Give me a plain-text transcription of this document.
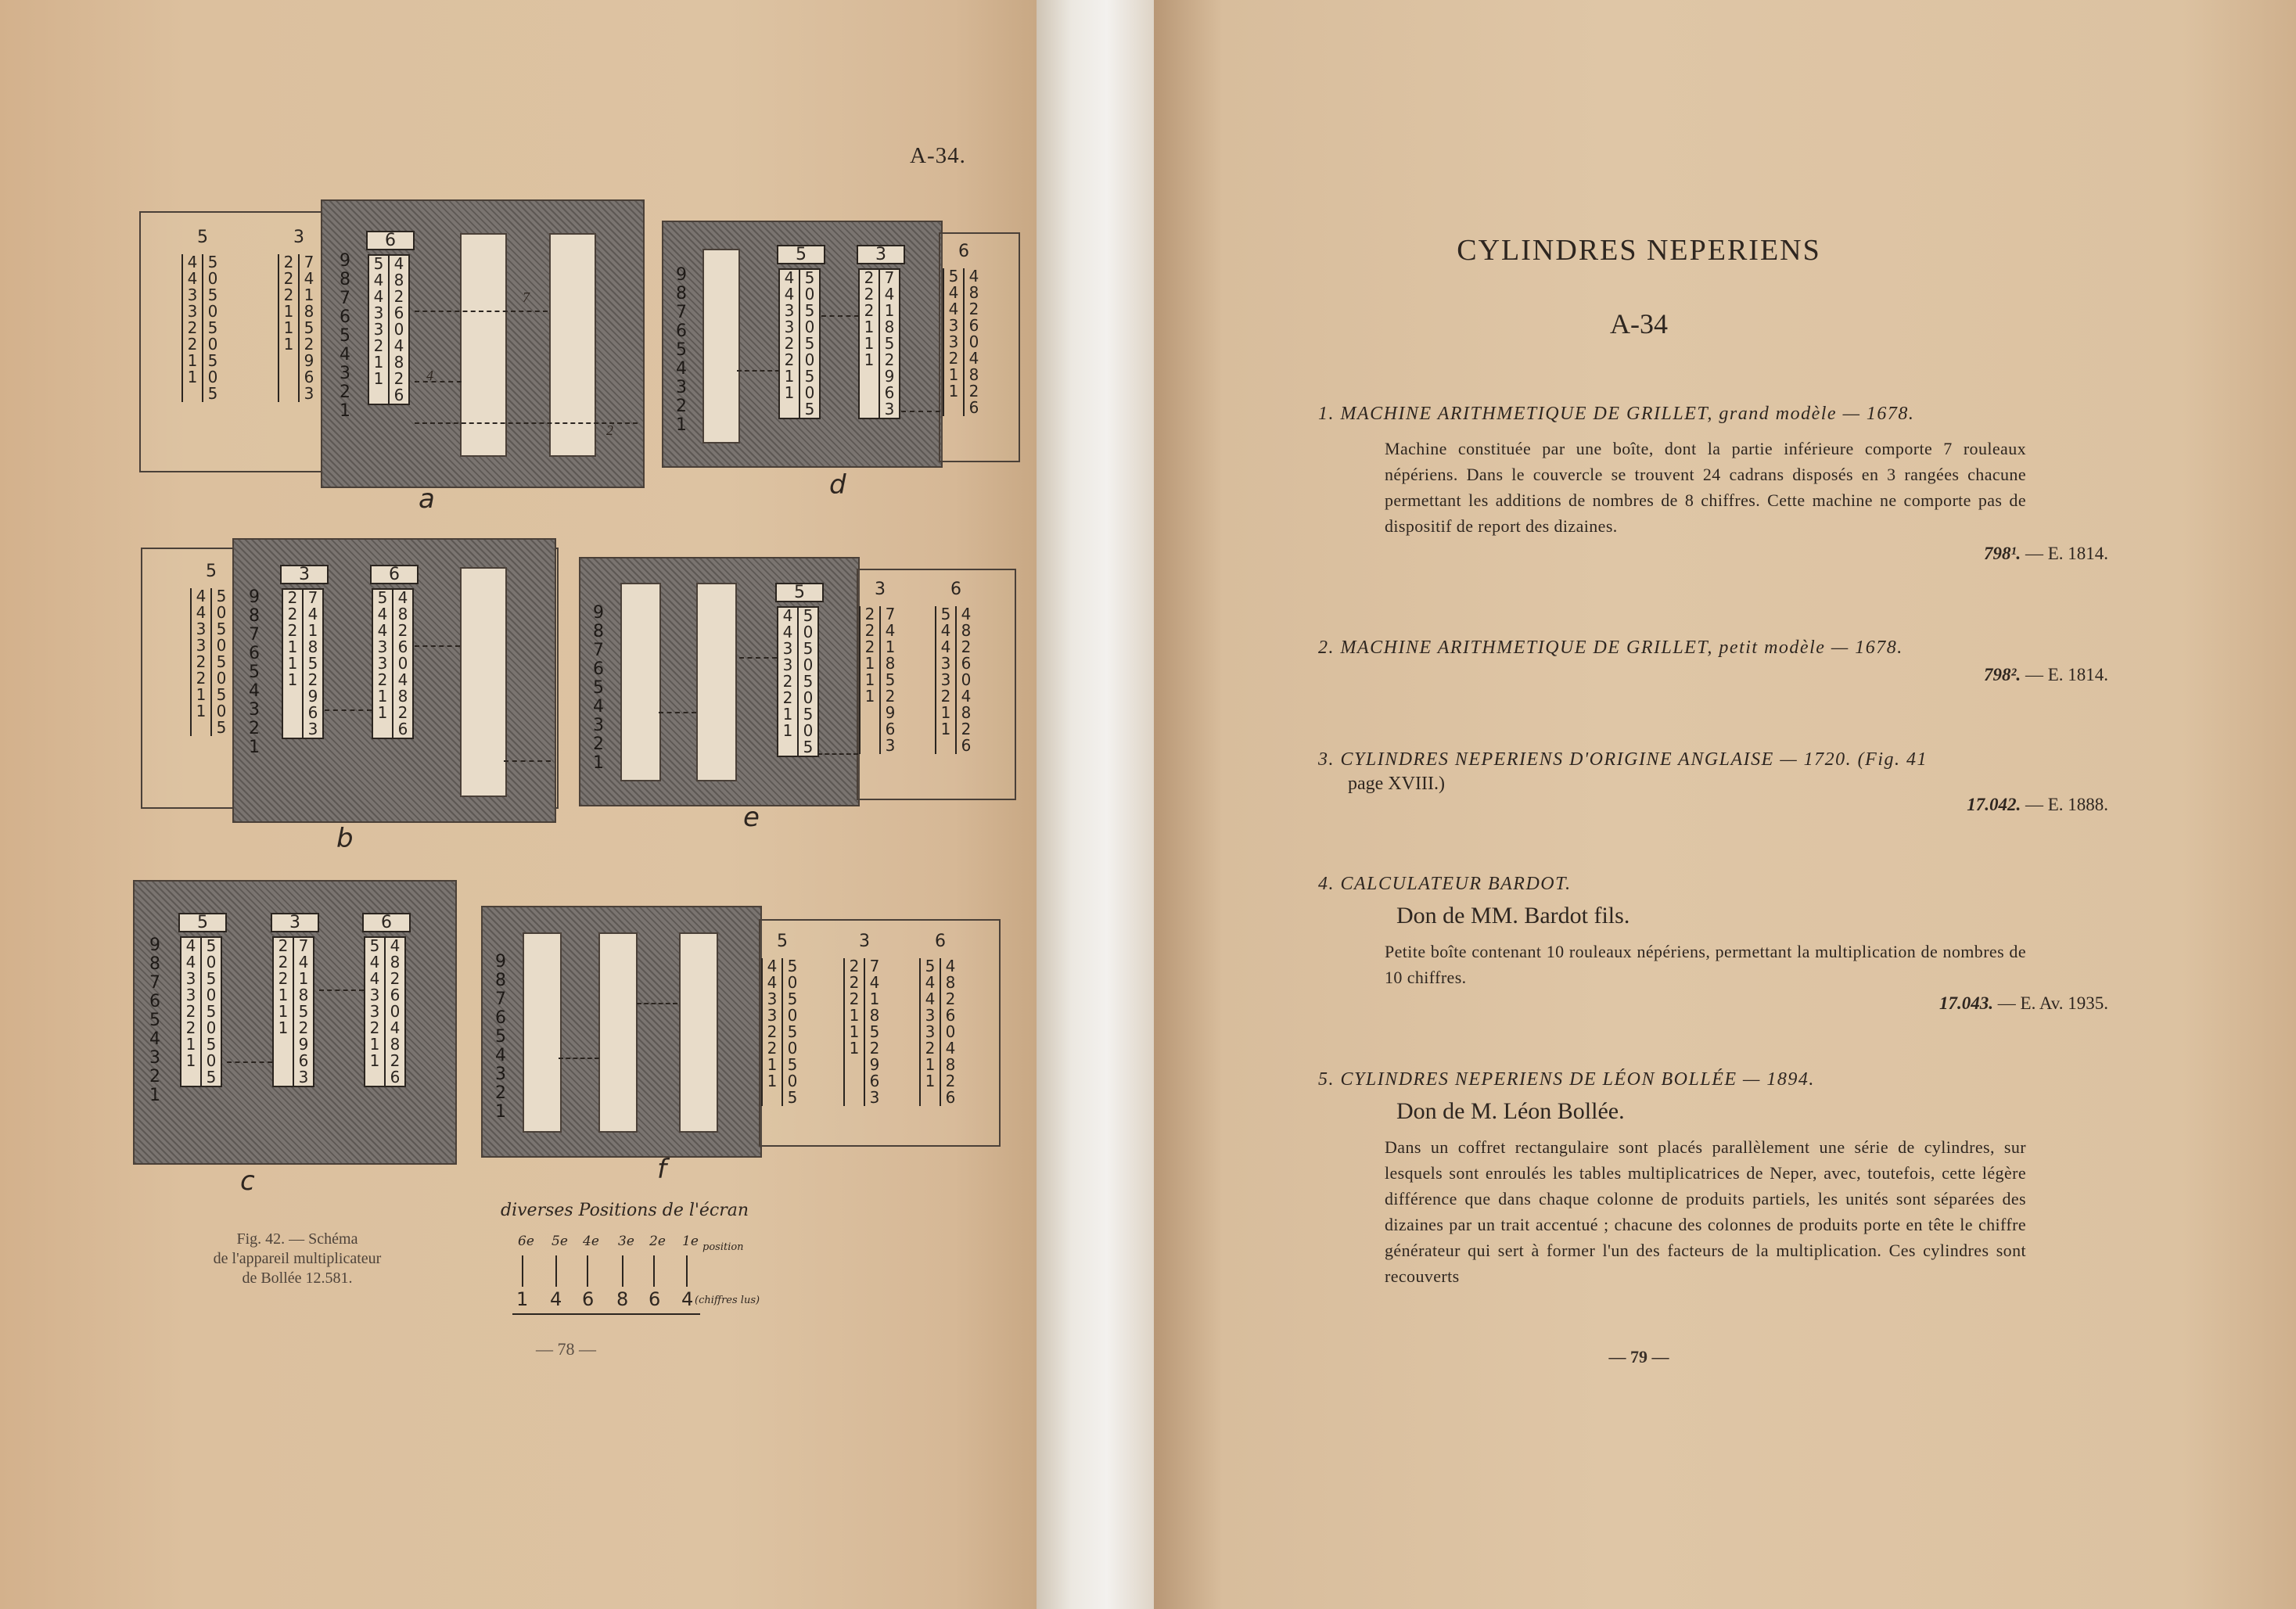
A-34.
5
4 5
4 0
3 5
3 0
2 5
2 0
1 5
1 0
5
3
2 7
2 4
2 1
1 8
1 5
1 2
9
6
3
9
8
7
6
5
4
3
2
1
6
5 4
4 8
4 2
3 6
3 0
2 4
1 8
1 2
6
7
4
2
a
9
8
7
6
5
4
3
2
1
5
4 5
4 0
3 5
3 0
2 5
2 0
1 5
1 0
5
3
2 7
2 4
2 1
1 8
1 5
1 2
9
6
3
6
5 4
4 8
4 2
3 6
3 0
2 4
1 8
1 2
6
d
5
4 5
4 0
3 5
3 0
2 5
2 0
1 5
1 0
5
9
8
7
6
5
4
3
2
1
3
2 7
2 4
2 1
1 8
1 5
1 2
9
6
3
6
5 4
4 8
4 2
3 6
3 0
2 4
1 8
1 2
6
b
9
8
7
6
5
4
3
2
1
5
4 5
4 0
3 5
3 0
2 5
2 0
1 5
1 0
5
3
2 7
2 4
2 1
1 8
1 5
1 2
9
6
3
6
5 4
4 8
4 2
3 6
3 0
2 4
1 8
1 2
6
e
9
8
7
6
5
4
3
2
1
5
4 5
4 0
3 5
3 0
2 5
2 0
1 5
1 0
5
3
2 7
2 4
2 1
1 8
1 5
1 2
9
6
3
6
5 4
4 8
4 2
3 6
3 0
2 4
1 8
1 2
6
c
9
8
7
6
5
4
3
2
1
5
4 5
4 0
3 5
3 0
2 5
2 0
1 5
1 0
5
3
2 7
2 4
2 1
1 8
1 5
1 2
9
6
3
6
5 4
4 8
4 2
3 6
3 0
2 4
1 8
1 2
6
f
Fig. 42. — Schéma
de l'appareil multiplicateur
de Bollée 12.581.
diverses Positions de l'écran
6e 5e 4e 3e 2e 1e position
1 4 6 8 6 4 (chiffres lus)
— 78 —
CYLINDRES NEPERIENS
A-34
1. MACHINE ARITHMETIQUE DE GRILLET, grand modèle — 1678.
Machine constituée par une boîte, dont la partie inférieure comporte 7 rouleaux népériens. Dans le couvercle se trouvent 24 cadrans disposés en 3 rangées chacune permettant les additions de nombres de 8 chiffres. Cette machine ne comporte pas de dispositif de report des dizaines.
798¹. — E. 1814.
2. MACHINE ARITHMETIQUE DE GRILLET, petit modèle — 1678.
798². — E. 1814.
3. CYLINDRES NEPERIENS D'ORIGINE ANGLAISE — 1720. (Fig. 41
page XVIII.)
17.042. — E. 1888.
4. CALCULATEUR BARDOT.
Don de MM. Bardot fils.
Petite boîte contenant 10 rouleaux népériens, permettant la multiplication de nombres de 10 chiffres.
17.043. — E. Av. 1935.
5. CYLINDRES NEPERIENS DE LÉON BOLLÉE — 1894.
Don de M. Léon Bollée.
Dans un coffret rectangulaire sont placés parallèlement une série de cylindres, sur lesquels sont enroulés les tables multiplicatrices de Neper, avec, toutefois, cette légère différence que dans chaque colonne de produits partiels, les unités sont séparées des dizaines par un trait accentué ; chacune des colonnes de produits porte en tête le chiffre générateur qui sert à former l'un des facteurs de la multiplication. Ces cylindres sont recouverts
— 79 —
